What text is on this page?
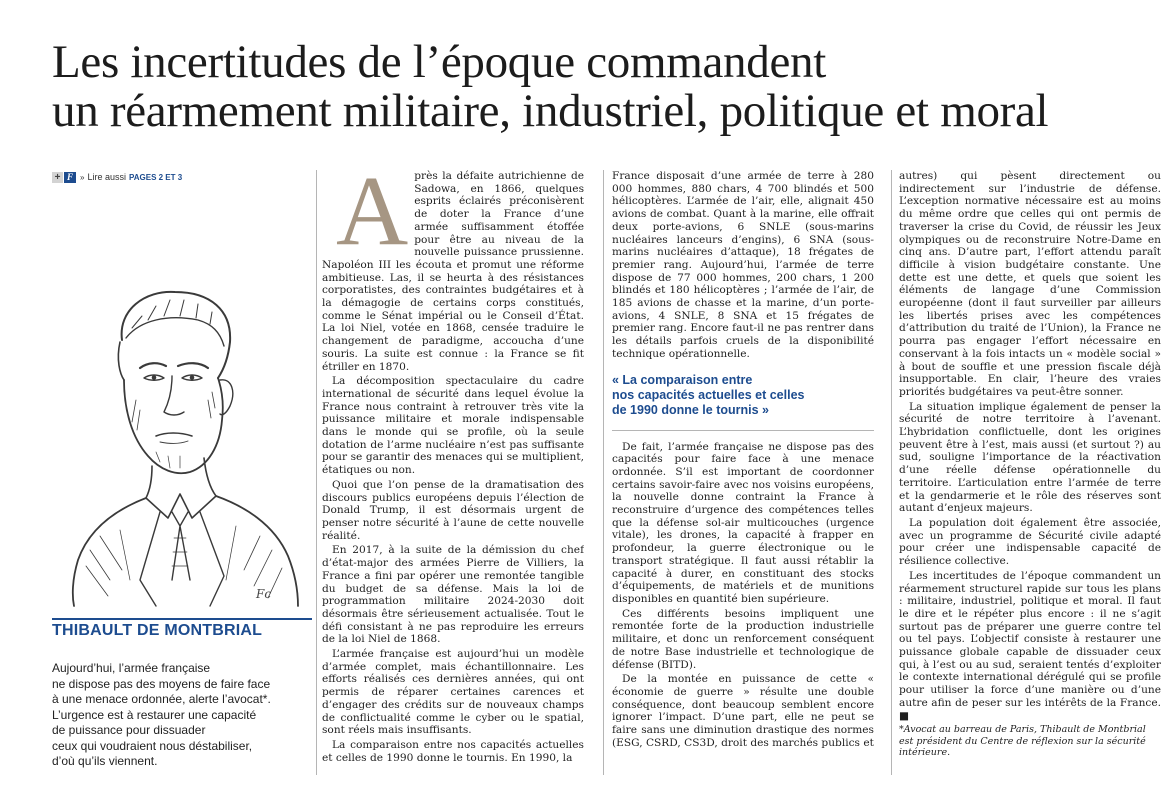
Les incertitudes de l’époque commandent
un réarmement militaire, industriel, politique et moral
+ F » Lire aussi PAGES 2 ET 3
Fc
THIBAULT DE MONTBRIAL
Aujourd’hui, l’armée française
ne dispose pas des moyens de faire face
à une menace ordonnée, alerte l’avocat*.
L’urgence est à restaurer une capacité
de puissance pour dissuader
ceux qui voudraient nous déstabiliser,
d’où qu’ils viennent.
A près la défaite autrichienne de Sadowa, en 1866, quelques esprits éclairés préconisèrent de doter la France d’une armée suffisamment étoffée pour être au niveau de la nouvelle puissance prussienne. Napoléon III les écouta et promut une réforme ambitieuse. Las, il se heurta à des résistances corporatistes, des contraintes budgétaires et à la démagogie de certains corps constitués, comme le Sénat impérial ou le Conseil d’État. La loi Niel, votée en 1868, censée traduire le changement de paradigme, accoucha d’une souris. La suite est connue : la France se fit étriller en 1870.

La décomposition spectaculaire du cadre international de sécurité dans lequel évolue la France nous contraint à retrouver très vite la puissance militaire et morale indispensable dans le monde qui se profile, où la seule dotation de l’arme nucléaire n’est pas suffisante pour se garantir des menaces qui se multiplient, étatiques ou non.

Quoi que l’on pense de la dramatisation des discours publics européens depuis l’élection de Donald Trump, il est désormais urgent de penser notre sécurité à l’aune de cette nouvelle réalité.

En 2017, à la suite de la démission du chef d’état-major des armées Pierre de Villiers, la France a fini par opérer une remontée tangible du budget de sa défense. Mais la loi de programmation militaire 2024-2030 doit désormais être sérieusement actualisée. Tout le défi consistant à ne pas reproduire les erreurs de la loi Niel de 1868.

L’armée française est aujourd’hui un modèle d’armée complet, mais échantillonnaire. Les efforts réalisés ces dernières années, qui ont permis de réparer certaines carences et d’engager des crédits sur de nouveaux champs de conflictualité comme le cyber ou le spatial, sont réels mais insuffisants.

La comparaison entre nos capacités actuelles et celles de 1990 donne le tournis. En 1990, la

France disposait d’une armée de terre à 280 000 hommes, 880 chars, 4 700 blindés et 500 hélicoptères. L’armée de l’air, elle, alignait 450 avions de combat. Quant à la marine, elle offrait deux porte-avions, 6 SNLE (sous-marins nucléaires lanceurs d’engins), 6 SNA (sous-marins nucléaires d’attaque), 18 frégates de premier rang. Aujourd’hui, l’armée de terre dispose de 77 000 hommes, 200 chars, 1 200 blindés et 180 hélicoptères ; l’armée de l’air, de 185 avions de chasse et la marine, d’un porte-avions, 4 SNLE, 8 SNA et 15 frégates de premier rang. Encore faut-il ne pas rentrer dans les détails parfois cruels de la disponibilité technique opérationnelle.

« La comparaison entre
nos capacités actuelles et celles
de 1990 donne le tournis »

De fait, l’armée française ne dispose pas des capacités pour faire face à une menace ordonnée. S’il est important de coordonner certains savoir-faire avec nos voisins européens, la nouvelle donne contraint la France à reconstruire d’urgence des compétences telles que la défense sol-air multicouches (urgence vitale), les drones, la capacité à frapper en profondeur, la guerre électronique ou le transport stratégique. Il faut aussi rétablir la capacité à durer, en constituant des stocks d’équipements, de matériels et de munitions disponibles en quantité bien supérieure.

Ces différents besoins impliquent une remontée forte de la production industrielle militaire, et donc un renforcement conséquent de notre Base industrielle et technologique de défense (BITD).

De la montée en puissance de cette « économie de guerre » résulte une double conséquence, dont beaucoup semblent encore ignorer l’impact. D’une part, elle ne peut se faire sans une diminution drastique des normes (ESG, CSRD, CS3D, droit des marchés publics et

autres) qui pèsent directement ou indirectement sur l’industrie de défense. L’exception normative nécessaire est au moins du même ordre que celles qui ont permis de traverser la crise du Covid, de réussir les Jeux olympiques ou de reconstruire Notre-Dame en cinq ans. D’autre part, l’effort attendu paraît difficile à vision budgétaire constante. Une dette est une dette, et quels que soient les éléments de langage d’une Commission européenne (dont il faut surveiller par ailleurs les libertés prises avec les compétences d’attribution du traité de l’Union), la France ne pourra pas engager l’effort nécessaire en conservant à la fois intacts un « modèle social » à bout de souffle et une pression fiscale déjà insupportable. En clair, l’heure des vraies priorités budgétaires va peut-être sonner.

La situation implique également de penser la sécurité de notre territoire à l’avenant. L’hybridation conflictuelle, dont les origines peuvent être à l’est, mais aussi (et surtout ?) au sud, souligne l’importance de la réactivation d’une réelle défense opérationnelle du territoire. L’articulation entre l’armée de terre et la gendarmerie et le rôle des réserves sont autant d’enjeux majeurs.

La population doit également être associée, avec un programme de Sécurité civile adapté pour créer une indispensable capacité de résilience collective.

Les incertitudes de l’époque commandent un réarmement structurel rapide sur tous les plans : militaire, industriel, politique et moral. Il faut le dire et le répéter plus encore : il ne s’agit surtout pas de préparer une guerre contre tel ou tel pays. L’objectif consiste à restaurer une puissance globale capable de dissuader ceux qui, à l’est ou au sud, seraient tentés d’exploiter le contexte international dérégulé qui se profile pour utiliser la force d’une manière ou d’une autre afin de peser sur les intérêts de la France. ■

*Avocat au barreau de Paris, Thibault de Montbrial est président du Centre de réflexion sur la sécurité intérieure.
